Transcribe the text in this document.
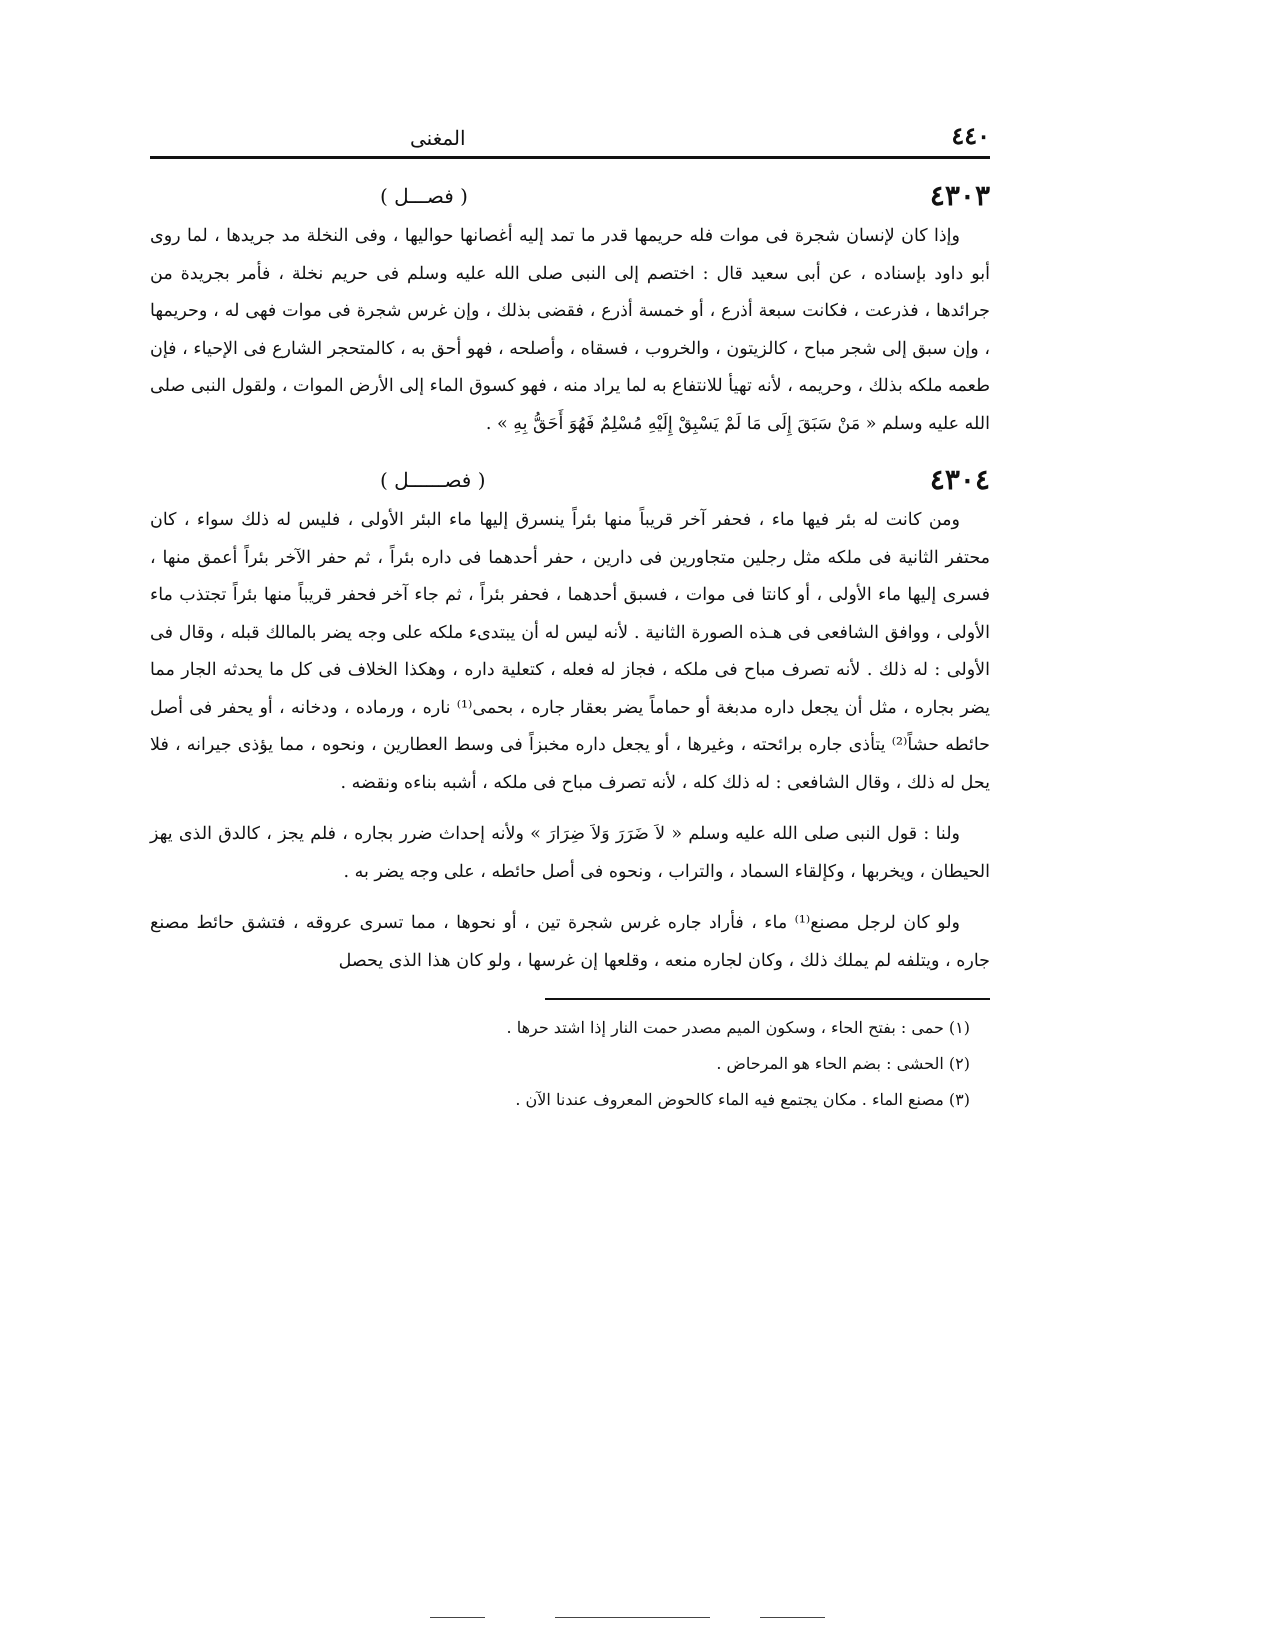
٤٤٠
المغنى
٤٣٠٣
( فصـــل )

وإذا كان لإنسان شجرة فى موات فله حريمها قدر ما تمد إليه أغصانها حواليها ، وفى النخلة مد جريدها ، لما روى أبو داود بإسناده ، عن أبى سعيد قال : اختصم إلى النبى صلى الله عليه وسلم فى حريم نخلة ، فأمر بجريدة من جرائدها ، فذرعت ، فكانت سبعة أذرع ، أو خمسة أذرع ، فقضى بذلك ، وإن غرس شجرة فى موات فهى له ، وحريمها ، وإن سبق إلى شجر مباح ، كالزيتون ، والخروب ، فسقاه ، وأصلحه ، فهو أحق به ، كالمتحجر الشارع فى الإحياء ، فإن طعمه ملكه بذلك ، وحريمه ، لأنه تهيأ للانتفاع به لما يراد منه ، فهو كسوق الماء إلى الأرض الموات ، ولقول النبى صلى الله عليه وسلم « مَنْ سَبَقَ إِلَى مَا لَمْ يَسْبِقْ إِلَيْهِ مُسْلِمٌ فَهُوَ أَحَقُّ بِهِ » .

٤٣٠٤
( فصــــــل )

ومن كانت له بئر فيها ماء ، فحفر آخر قريباً منها بئراً ينسرق إليها ماء البئر الأولى ، فليس له ذلك سواء ، كان محتفر الثانية فى ملكه مثل رجلين متجاورين فى دارين ، حفر أحدهما فى داره بئراً ، ثم حفر الآخر بئراً أعمق منها ، فسرى إليها ماء الأولى ، أو كانتا فى موات ، فسبق أحدهما ، فحفر بئراً ، ثم جاء آخر فحفر قريباً منها بئراً تجتذب ماء الأولى ، ووافق الشافعى فى هـذه الصورة الثانية . لأنه ليس له أن يبتدىء ملكه على وجه يضر بالمالك قبله ، وقال فى الأولى : له ذلك . لأنه تصرف مباح فى ملكه ، فجاز له فعله ، كتعلية داره ، وهكذا الخلاف فى كل ما يحدثه الجار مما يضر بجاره ، مثل أن يجعل داره مدبغة أو حماماً يضر بعقار جاره ، بحمى⁽¹⁾ ناره ، ورماده ، ودخانه ، أو يحفر فى أصل حائطه حشاً⁽²⁾ يتأذى جاره برائحته ، وغيرها ، أو يجعل داره مخبزاً فى وسط العطارين ، ونحوه ، مما يؤذى جيرانه ، فلا يحل له ذلك ، وقال الشافعى : له ذلك كله ، لأنه تصرف مباح فى ملكه ، أشبه بناءه ونقضه .

ولنا : قول النبى صلى الله عليه وسلم « لاَ ضَرَرَ وَلاَ ضِرَارَ » ولأنه إحداث ضرر بجاره ، فلم يجز ، كالدق الذى يهز الحيطان ، ويخربها ، وكإلقاء السماد ، والتراب ، ونحوه فى أصل حائطه ، على وجه يضر به .

ولو كان لرجل مصنع⁽¹⁾ ماء ، فأراد جاره غرس شجرة تين ، أو نحوها ، مما تسرى عروقه ، فتشق حائط مصنع جاره ، ويتلفه لم يملك ذلك ، وكان لجاره منعه ، وقلعها إن غرسها ، ولو كان هذا الذى يحصل

(١) حمى : بفتح الحاء ، وسكون الميم مصدر حمت النار إذا اشتد حرها .
(٢) الحشى : بضم الحاء هو المرحاض .
(٣) مصنع الماء . مكان يجتمع فيه الماء كالحوض المعروف عندنا الآن .
